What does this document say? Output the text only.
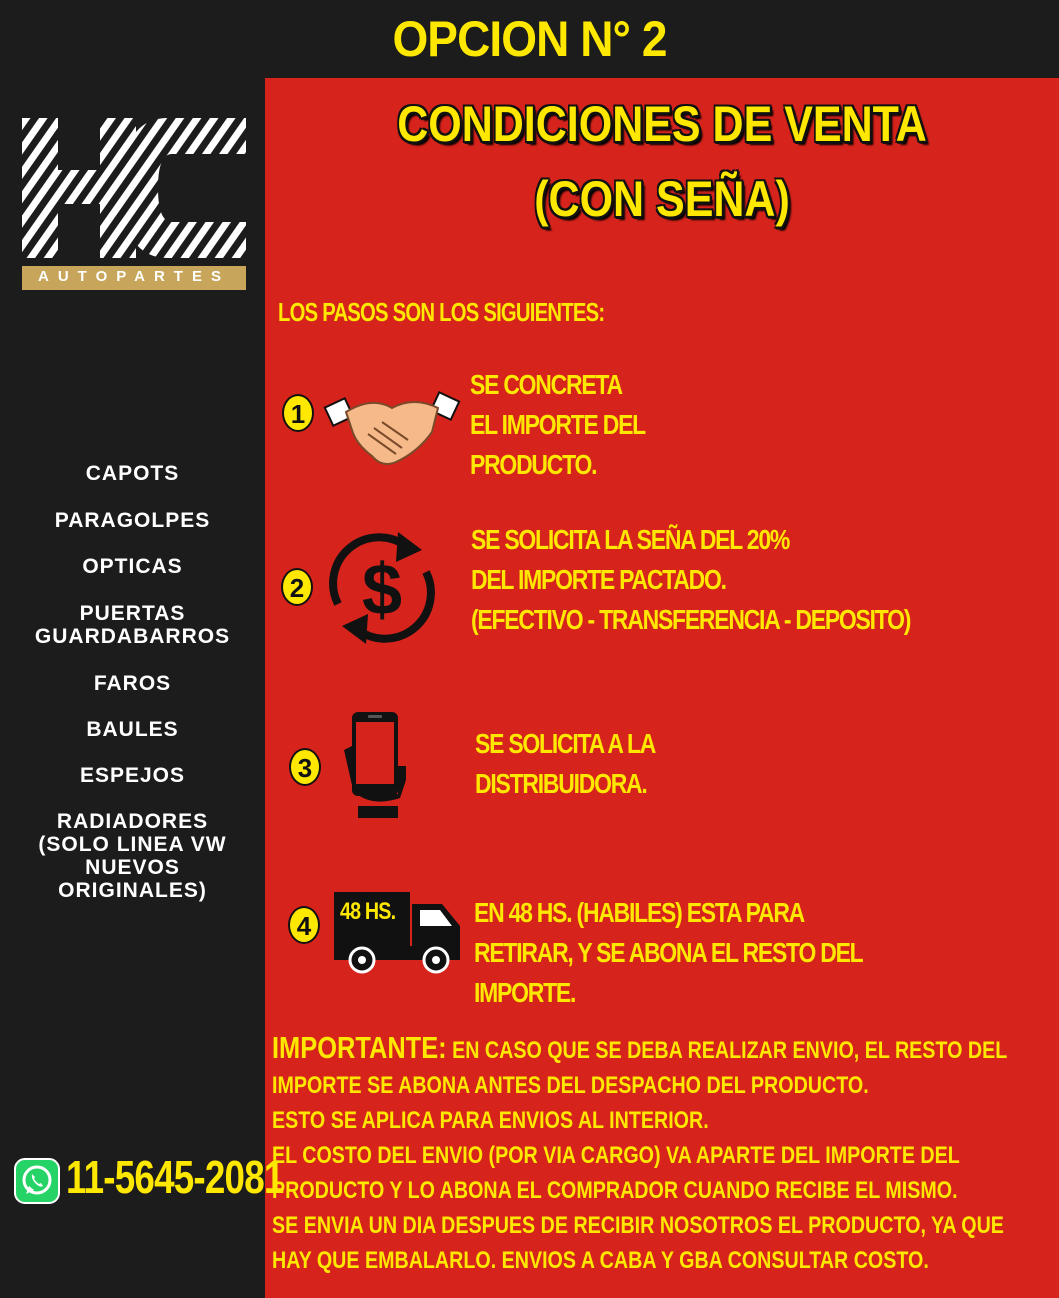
OPCION N° 2
AUTOPARTES
CAPOTS
PARAGOLPES
OPTICAS
PUERTAS
GUARDABARROS
FAROS
BAULES
ESPEJOS
RADIADORES
(SOLO LINEA VW
NUEVOS
ORIGINALES)
11-5645-2081
CONDICIONES DE VENTA
(CON SEÑA)
LOS PASOS SON LOS SIGUIENTES:
1
SE CONCRETA
EL IMPORTE DEL
PRODUCTO.
2 $
SE SOLICITA LA SEÑA DEL 20%
DEL IMPORTE PACTADO.
(EFECTIVO - TRANSFERENCIA - DEPOSITO)
3
SE SOLICITA A LA
DISTRIBUIDORA.
4	48 HS.	EN 48 HS. (HABILES) ESTA PARA
RETIRAR, Y SE ABONA EL RESTO DEL IMPORTE.
IMPORTANTE: EN CASO QUE SE DEBA REALIZAR ENVIO, EL RESTO DEL
IMPORTE SE ABONA ANTES DEL DESPACHO DEL PRODUCTO.
ESTO SE APLICA PARA ENVIOS AL INTERIOR.
EL COSTO DEL ENVIO (POR VIA CARGO) VA APARTE DEL IMPORTE DEL
PRODUCTO Y LO ABONA EL COMPRADOR CUANDO RECIBE EL MISMO.
SE ENVIA UN DIA DESPUES DE RECIBIR NOSOTROS EL PRODUCTO, YA QUE
HAY QUE EMBALARLO. ENVIOS A CABA Y GBA CONSULTAR COSTO.
